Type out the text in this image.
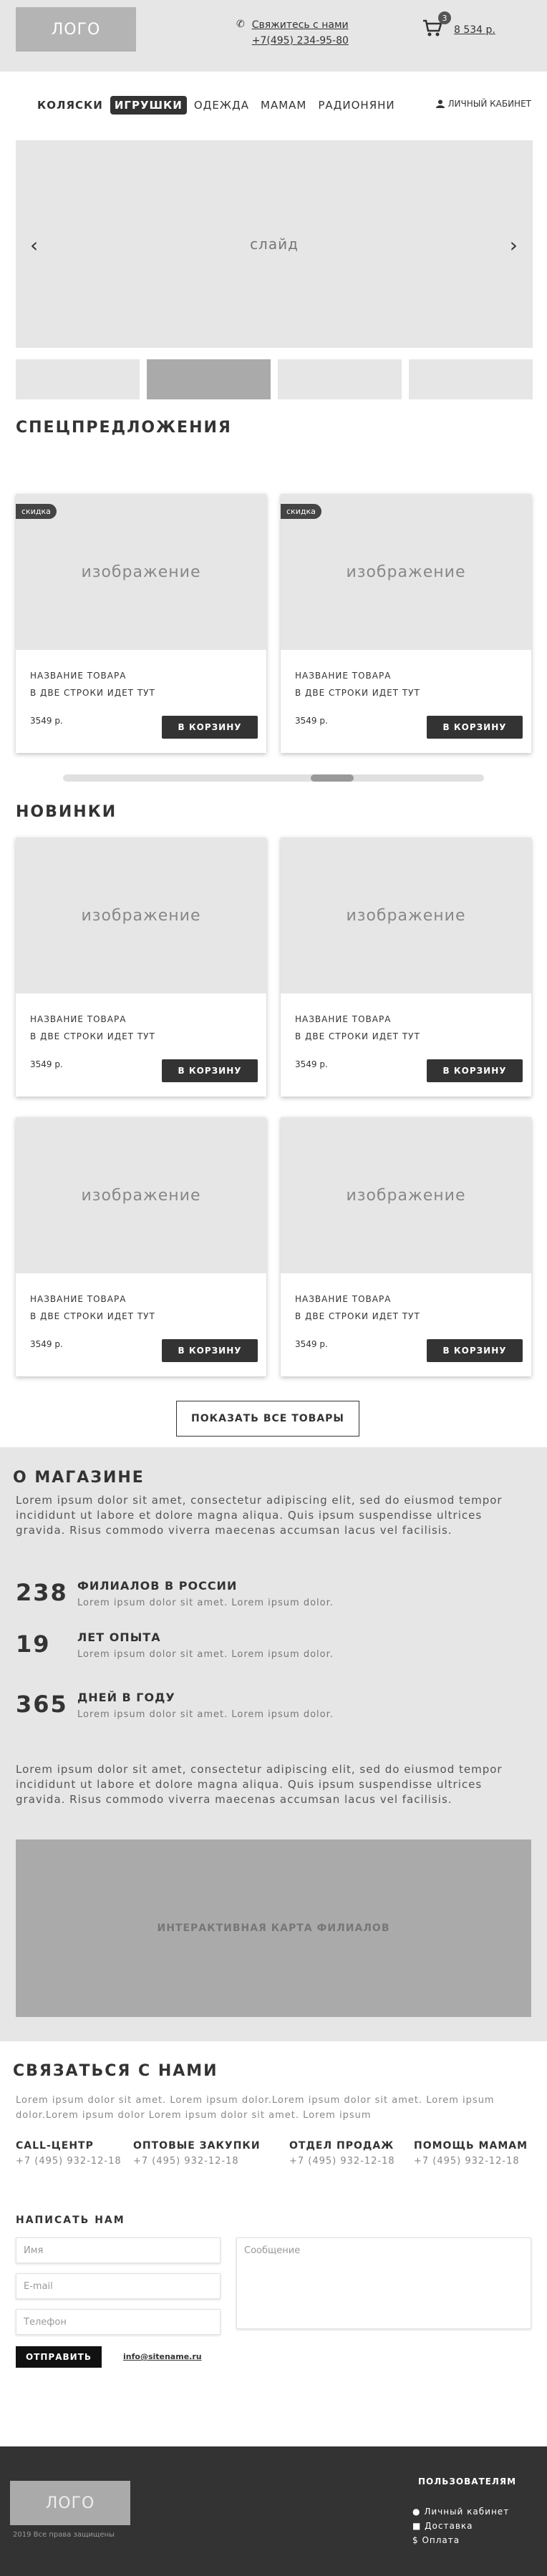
ЛОГО	✆ Свяжитесь с нами
+7(495) 234-95-80
3
8 534 р.
КОЛЯСКИ	ИГРУШКИ	ОДЕЖДА	МАМАМ	РАДИОНЯНИ	ЛИЧНЫЙ КАБИНЕТ
‹	слайд	›
СПЕЦПРЕДЛОЖЕНИЯ
изображение
скидка
НАЗВАНИЕ ТОВАРА
В ДВЕ СТРОКИ ИДЕТ ТУТ
3549 р.
В КОРЗИНУ
изображение
скидка
НАЗВАНИЕ ТОВАРА
В ДВЕ СТРОКИ ИДЕТ ТУТ
3549 р.
В КОРЗИНУ
НОВИНКИ
изображение
НАЗВАНИЕ ТОВАРА
В ДВЕ СТРОКИ ИДЕТ ТУТ
3549 р.
В КОРЗИНУ
изображение
НАЗВАНИЕ ТОВАРА
В ДВЕ СТРОКИ ИДЕТ ТУТ
3549 р.
В КОРЗИНУ
изображение
НАЗВАНИЕ ТОВАРА
В ДВЕ СТРОКИ ИДЕТ ТУТ
3549 р.
В КОРЗИНУ
изображение
НАЗВАНИЕ ТОВАРА
В ДВЕ СТРОКИ ИДЕТ ТУТ
3549 р.
В КОРЗИНУ
ПОКАЗАТЬ ВСЕ ТОВАРЫ
О МАГАЗИНЕ
Lorem ipsum dolor sit amet, consectetur adipiscing elit, sed do eiusmod tempor incididunt ut labore et dolore magna aliqua. Quis ipsum suspendisse ultrices gravida. Risus commodo viverra maecenas accumsan lacus vel facilisis.
238 ФИЛИАЛОВ В РОССИИ
Lorem ipsum dolor sit amet. Lorem ipsum dolor.
19 ЛЕТ ОПЫТА
Lorem ipsum dolor sit amet. Lorem ipsum dolor.
365 ДНЕЙ В ГОДУ
Lorem ipsum dolor sit amet. Lorem ipsum dolor.
Lorem ipsum dolor sit amet, consectetur adipiscing elit, sed do eiusmod tempor incididunt ut labore et dolore magna aliqua. Quis ipsum suspendisse ultrices gravida. Risus commodo viverra maecenas accumsan lacus vel facilisis.
ИНТЕРАКТИВНАЯ КАРТА ФИЛИАЛОВ
СВЯЗАТЬСЯ С НАМИ
Lorem ipsum dolor sit amet. Lorem ipsum dolor.Lorem ipsum dolor sit amet. Lorem ipsum dolor.Lorem ipsum dolor Lorem ipsum dolor sit amet. Lorem ipsum
CALL-ЦЕНТР
+7 (495) 932-12-18
ОПТОВЫЕ ЗАКУПКИ
+7 (495) 932-12-18
ОТДЕЛ ПРОДАЖ
+7 (495) 932-12-18
ПОМОЩЬ МАМАМ
+7 (495) 932-12-18
НАПИСАТЬ НАМ
Имя
E-mail
Телефон
Сообщение
ОТПРАВИТЬ	info@sitename.ru
ЛОГО
2019 Все права защищены
ПОЛЬЗОВАТЕЛЯМ
● Личный кабинет
■ Доставка
$ Оплата
